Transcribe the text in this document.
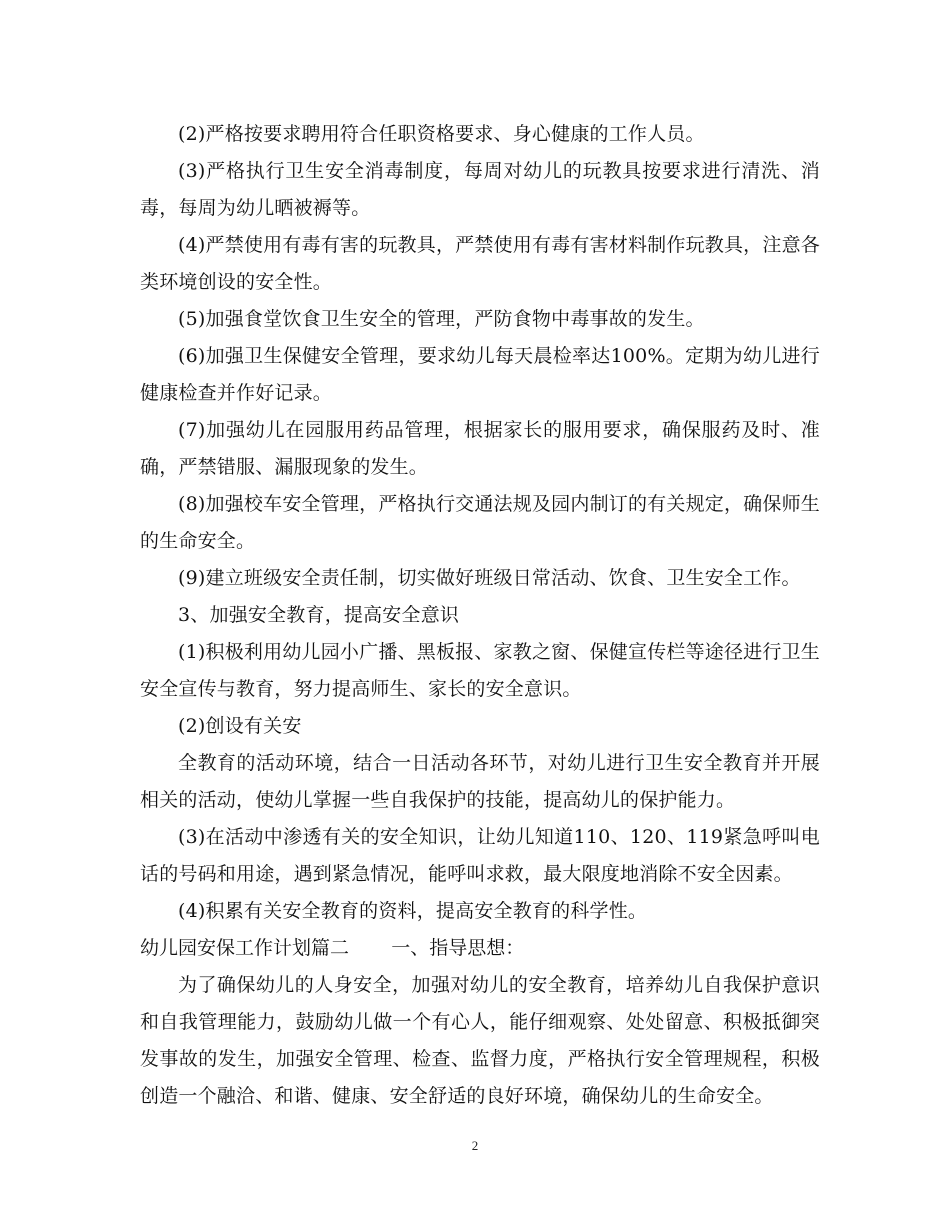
(2)严格按要求聘用符合任职资格要求、身心健康的工作人员。

(3)严格执行卫生安全消毒制度，每周对幼儿的玩教具按要求进行清洗、消毒，每周为幼儿晒被褥等。

(4)严禁使用有毒有害的玩教具，严禁使用有毒有害材料制作玩教具，注意各类环境创设的安全性。

(5)加强食堂饮食卫生安全的管理，严防食物中毒事故的发生。

(6)加强卫生保健安全管理，要求幼儿每天晨检率达100%。定期为幼儿进行健康检查并作好记录。

(7)加强幼儿在园服用药品管理，根据家长的服用要求，确保服药及时、准确，严禁错服、漏服现象的发生。

(8)加强校车安全管理，严格执行交通法规及园内制订的有关规定，确保师生的生命安全。

(9)建立班级安全责任制，切实做好班级日常活动、饮食、卫生安全工作。

3、加强安全教育，提高安全意识

(1)积极利用幼儿园小广播、黑板报、家教之窗、保健宣传栏等途径进行卫生安全宣传与教育，努力提高师生、家长的安全意识。

(2)创设有关安

全教育的活动环境，结合一日活动各环节，对幼儿进行卫生安全教育并开展相关的活动，使幼儿掌握一些自我保护的技能，提高幼儿的保护能力。

(3)在活动中渗透有关的安全知识，让幼儿知道110、120、119紧急呼叫电话的号码和用途，遇到紧急情况，能呼叫求救，最大限度地消除不安全因素。

(4)积累有关安全教育的资料，提高安全教育的科学性。

幼儿园安保工作计划篇二 一、指导思想：

为了确保幼儿的人身安全，加强对幼儿的安全教育，培养幼儿自我保护意识和自我管理能力，鼓励幼儿做一个有心人，能仔细观察、处处留意、积极抵御突发事故的发生，加强安全管理、检查、监督力度，严格执行安全管理规程，积极创造一个融洽、和谐、健康、安全舒适的良好环境，确保幼儿的生命安全。

2
